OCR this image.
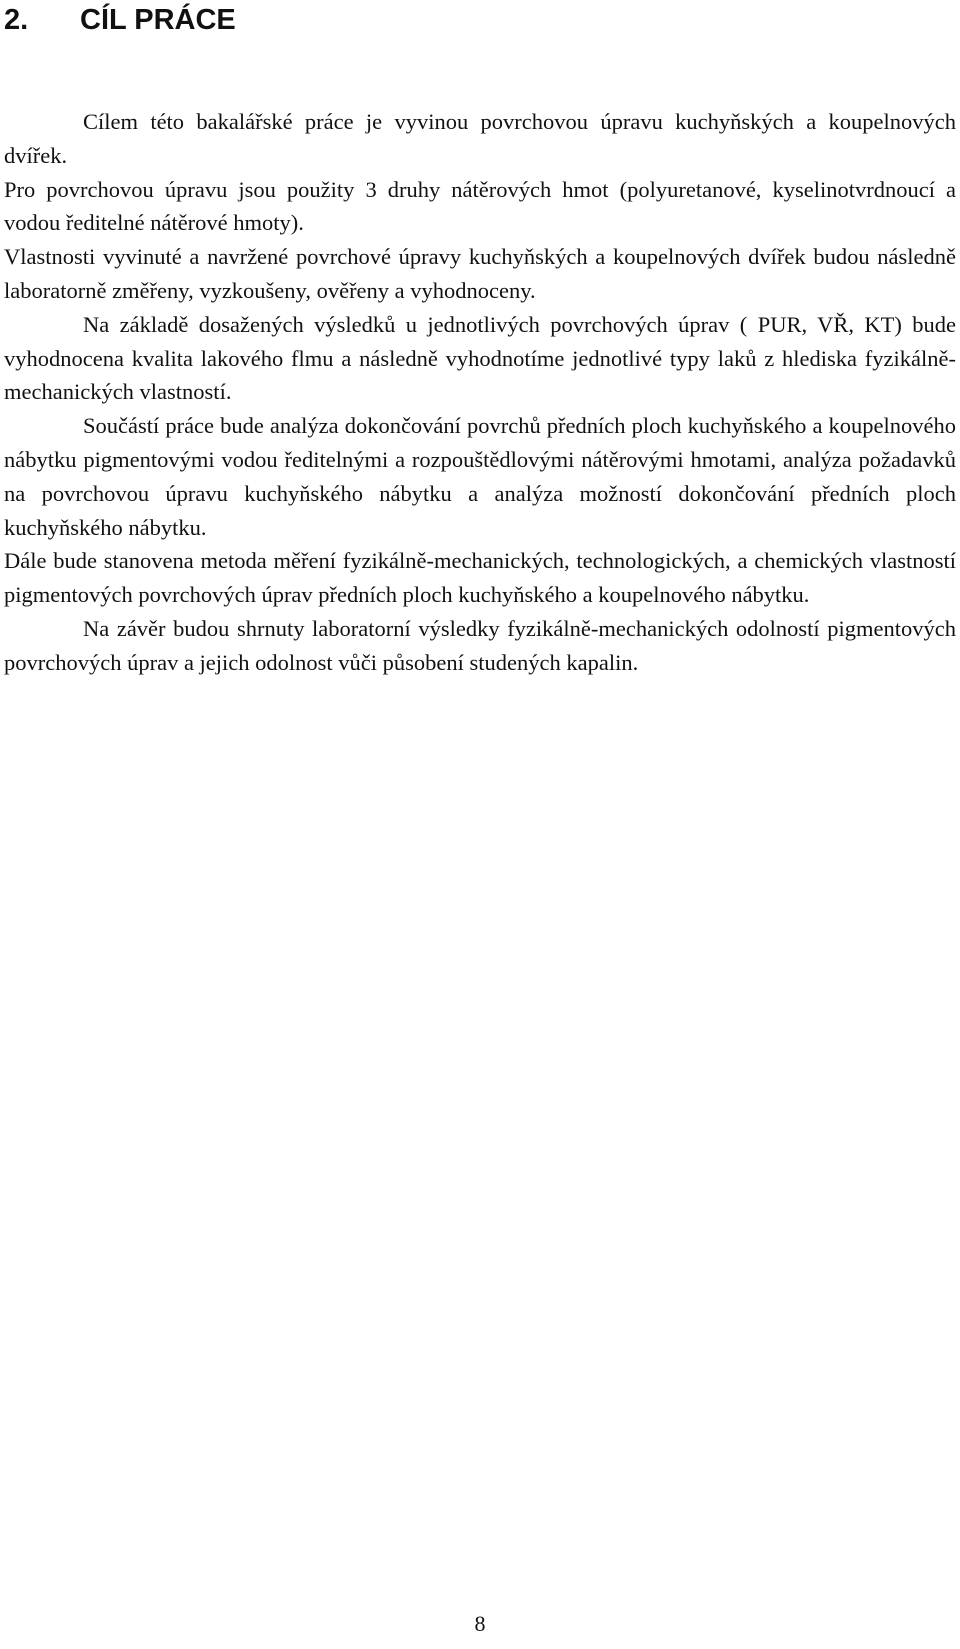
2. CÍL PRÁCE

Cílem této bakalářské práce je vyvinou povrchovou úpravu kuchyňských a koupelnových dvířek.

Pro povrchovou úpravu jsou použity 3 druhy nátěrových hmot (polyuretanové, kyselinotvrdnoucí a vodou ředitelné nátěrové hmoty).

Vlastnosti vyvinuté a navržené povrchové úpravy kuchyňských a koupelnových dvířek budou následně laboratorně změřeny, vyzkoušeny, ověřeny a vyhodnoceny.

Na základě dosažených výsledků u jednotlivých povrchových úprav ( PUR, VŘ, KT) bude vyhodnocena kvalita lakového flmu a následně vyhodnotíme jednotlivé typy laků z hlediska fyzikálně-mechanických vlastností.

Součástí práce bude analýza dokončování povrchů předních ploch kuchyňského a koupelnového nábytku pigmentovými vodou ředitelnými a rozpouštědlovými nátěrovými hmotami, analýza požadavků na povrchovou úpravu kuchyňského nábytku a analýza možností dokončování předních ploch kuchyňského nábytku.

Dále bude stanovena metoda měření fyzikálně-mechanických, technologických, a chemických vlastností pigmentových povrchových úprav předních ploch kuchyňského a koupelnového nábytku.

Na závěr budou shrnuty laboratorní výsledky fyzikálně-mechanických odolností pigmentových povrchových úprav a jejich odolnost vůči působení studených kapalin.

8
